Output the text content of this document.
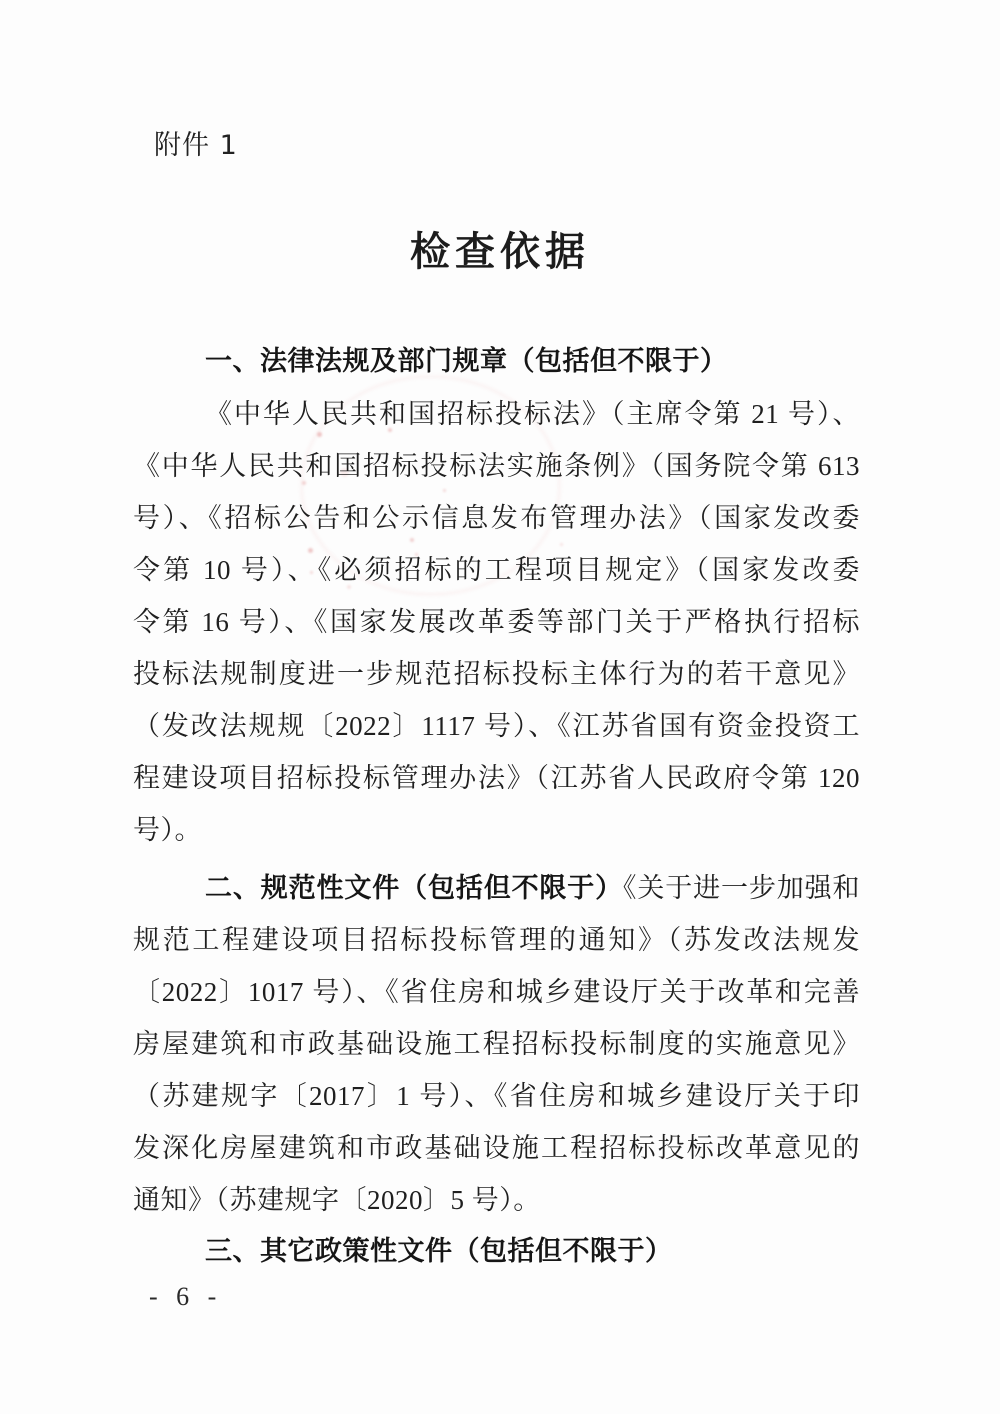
附件 1
检查依据
一、法律法规及部门规章（包括但不限于）
《中华人民共和国招标投标法》（主席令第 21 号）、
《中华人民共和国招标投标法实施条例》（国务院令第 613
号）、《招标公告和公示信息发布管理办法》（国家发改委
令第 10 号）、《必须招标的工程项目规定》（国家发改委
令第 16 号）、《国家发展改革委等部门关于严格执行招标
投标法规制度进一步规范招标投标主体行为的若干意见》
（发改法规规〔2022〕1117 号）、《江苏省国有资金投资工
程建设项目招标投标管理办法》（江苏省人民政府令第 120
号）。
二、规范性文件（包括但不限于）《关于进一步加强和
规范工程建设项目招标投标管理的通知》（苏发改法规发
〔2022〕1017 号）、《省住房和城乡建设厅关于改革和完善
房屋建筑和市政基础设施工程招标投标制度的实施意见》
（苏建规字〔2017〕1 号）、《省住房和城乡建设厅关于印
发深化房屋建筑和市政基础设施工程招标投标改革意见的
通知》（苏建规字〔2020〕5 号）。
三、其它政策性文件（包括但不限于）
- 6 -
